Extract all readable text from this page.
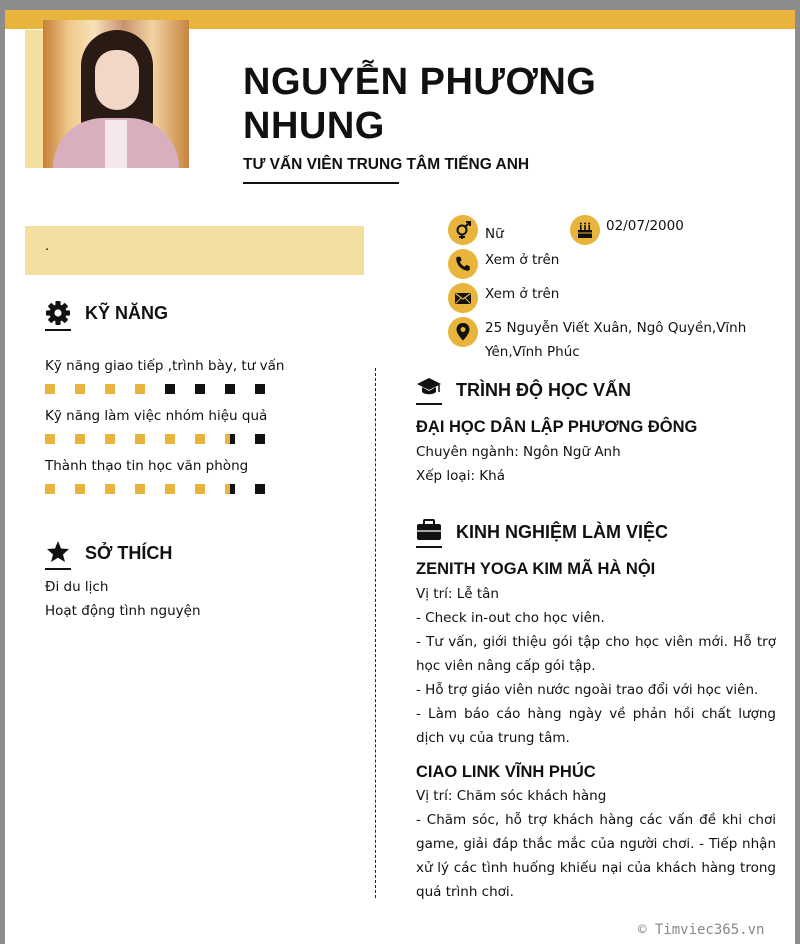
NGUYỄN PHƯƠNG NHUNG
TƯ VẤN VIÊN TRUNG TÂM TIẾNG ANH
.
Nữ	02/07/2000
Xem ở trên
Xem ở trên
25 Nguyễn Viết Xuân, Ngô Quyền,Vĩnh
Yên,Vĩnh Phúc
KỸ NĂNG
Kỹ năng giao tiếp ,trình bày, tư vấn
Kỹ năng làm việc nhóm hiệu quả
Thành thạo tin học văn phòng
SỞ THÍCH
Đi du lịch
Hoạt động tình nguyện
TRÌNH ĐỘ HỌC VẤN
ĐẠI HỌC DÂN LẬP PHƯƠNG ĐÔNG
Chuyên ngành: Ngôn Ngữ Anh
Xếp loại: Khá
KINH NGHIỆM LÀM VIỆC
ZENITH YOGA KIM MÃ HÀ NỘI
Vị trí: Lễ tân
- Check in-out cho học viên.
- Tư vấn, giới thiệu gói tập cho học viên mới. Hỗ trợ học viên nâng cấp gói tập.
- Hỗ trợ giáo viên nước ngoài trao đổi với học viên.
- Làm báo cáo hàng ngày về phản hồi chất lượng dịch vụ của trung tâm.
CIAO LINK VĨNH PHÚC
Vị trí: Chăm sóc khách hàng
- Chăm sóc, hỗ trợ khách hàng các vấn đề khi chơi game, giải đáp thắc mắc của người chơi. - Tiếp nhận xử lý các tình huống khiếu nại của khách hàng trong quá trình chơi.
© Timviec365.vn
